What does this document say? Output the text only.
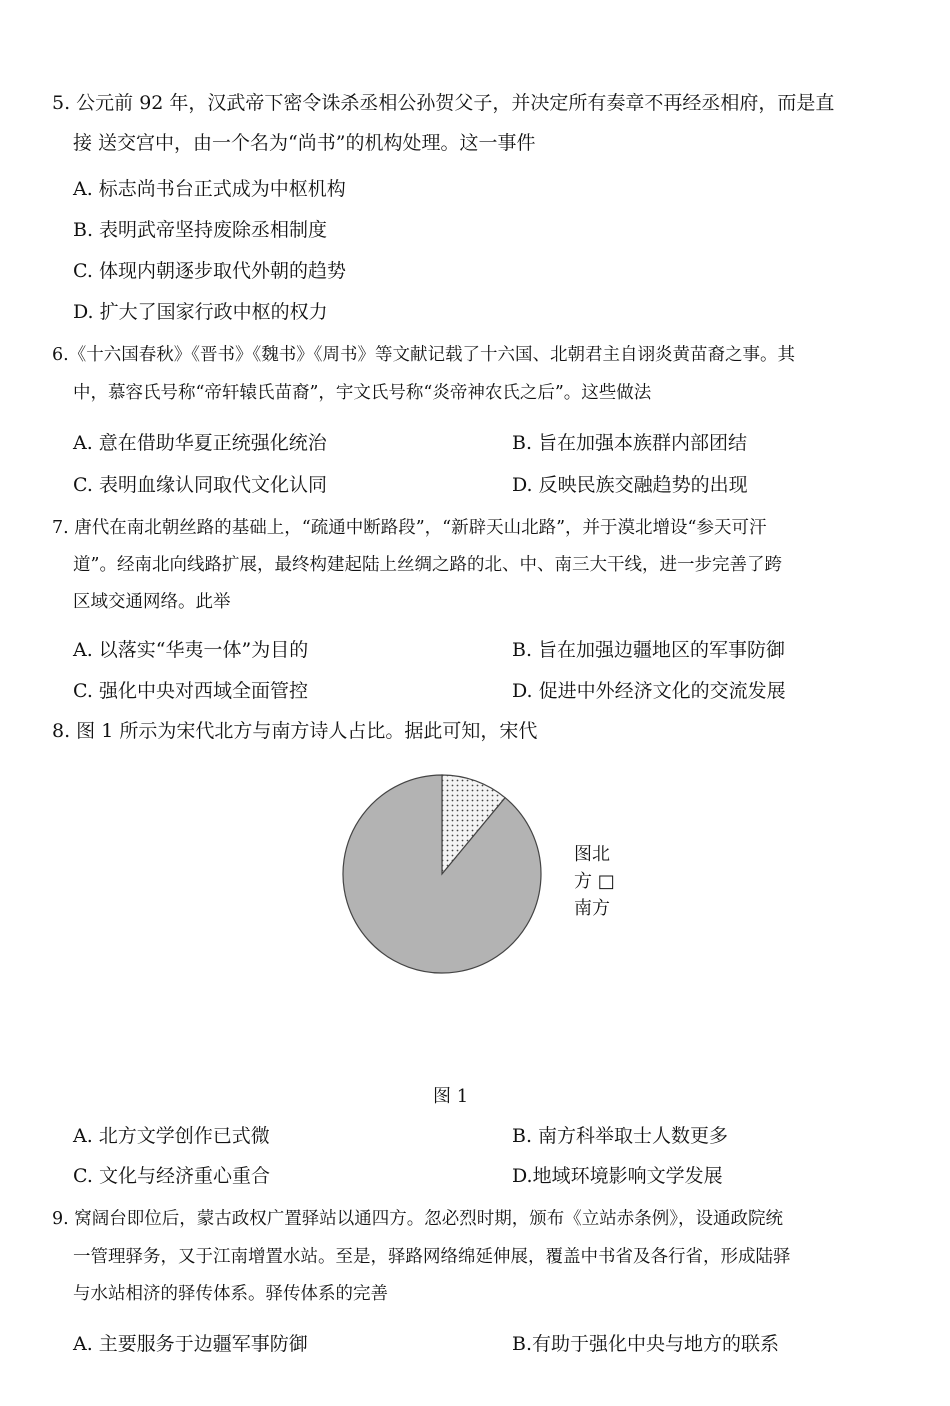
5. 公元前 92 年，汉武帝下密令诛杀丞相公孙贺父子，并决定所有奏章不再经丞相府，而是直
接 送交宫中，由一个名为“尚书”的机构处理。这一事件
A. 标志尚书台正式成为中枢机构
B. 表明武帝坚持废除丞相制度
C. 体现内朝逐步取代外朝的趋势
D. 扩大了国家行政中枢的权力
6.《十六国春秋》《晋书》《魏书》《周书》等文献记载了十六国、北朝君主自诩炎黄苗裔之事。其
中，慕容氏号称“帝轩辕氏苗裔”，宇文氏号称“炎帝神农氏之后”。这些做法
A. 意在借助华夏正统强化统治	B. 旨在加强本族群内部团结
C. 表明血缘认同取代文化认同	D. 反映民族交融趋势的出现
7. 唐代在南北朝丝路的基础上，“疏通中断路段”，“新辟天山北路”，并于漠北增设“参天可汗
道”。经南北向线路扩展，最终构建起陆上丝绸之路的北、中、南三大干线，进一步完善了跨
区域交通网络。此举
A. 以落实“华夷一体”为目的	B. 旨在加强边疆地区的军事防御
C. 强化中央对西域全面管控	D. 促进中外经济文化的交流发展
8. 图 1 所示为宋代北方与南方诗人占比。据此可知，宋代
图北
方 □
南方
图 1
A. 北方文学创作已式微	B. 南方科举取士人数更多
C. 文化与经济重心重合	D.地域环境影响文学发展
9. 窝阔台即位后，蒙古政权广置驿站以通四方。忽必烈时期，颁布《立站赤条例》，设通政院统
一管理驿务，又于江南增置水站。至是，驿路网络绵延伸展，覆盖中书省及各行省，形成陆驿
与水站相济的驿传体系。驿传体系的完善
A. 主要服务于边疆军事防御	B.有助于强化中央与地方的联系
